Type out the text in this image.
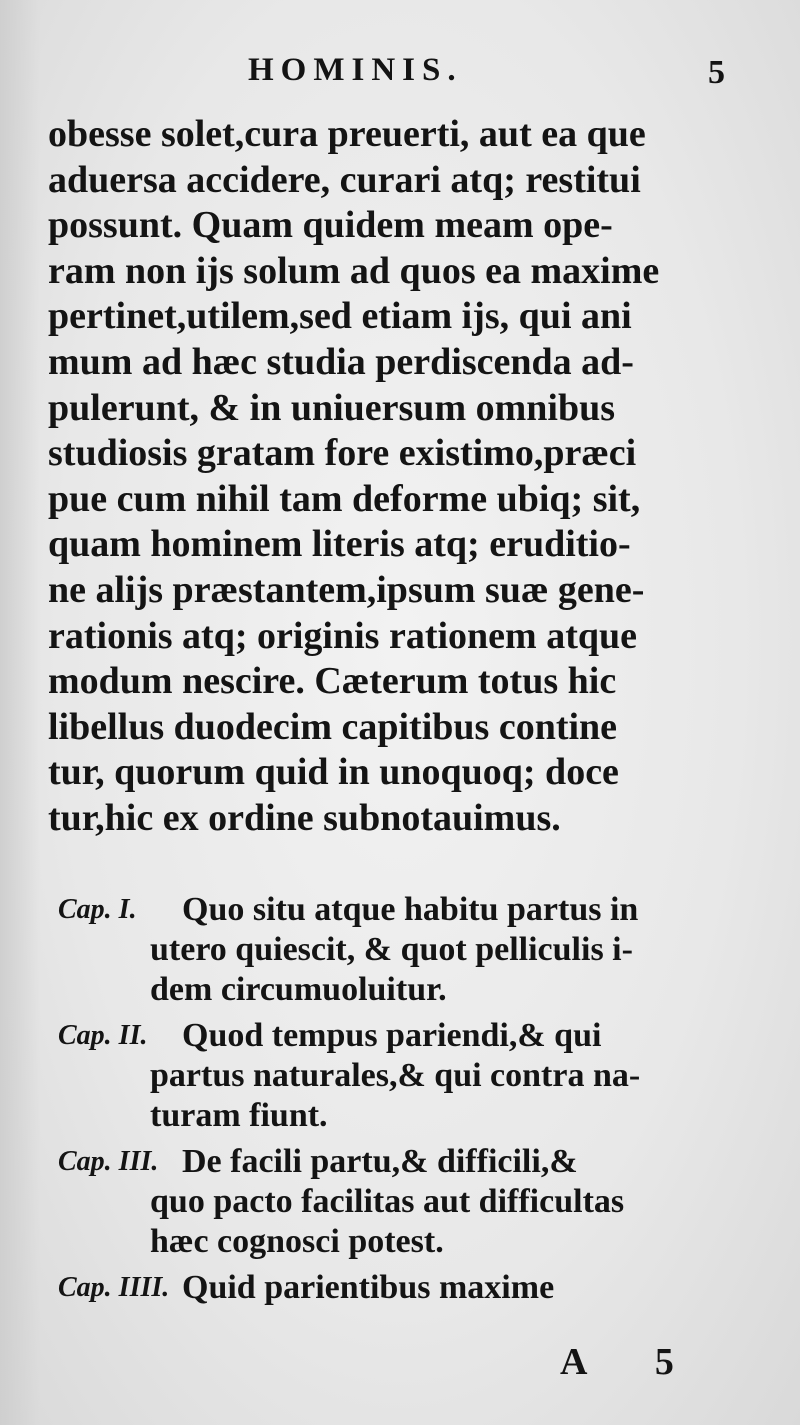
HOMINIS.	5
obesse solet,cura preuerti, aut ea que
aduersa accidere, curari atq; restitui
possunt. Quam quidem meam ope-
ram non ijs solum ad quos ea maxime
pertinet,utilem,sed etiam ijs, qui ani
mum ad hæc studia perdiscenda ad-
pulerunt, & in uniuersum omnibus
studiosis gratam fore existimo,præci
pue cum nihil tam deforme ubiq; sit,
quam hominem literis atq; eruditio-
ne alijs præstantem,ipsum suæ gene-
rationis atq; originis rationem atque
modum nescire. Cæterum totus hic
libellus duodecim capitibus contine
tur, quorum quid in unoquoq; doce
tur,hic ex ordine subnotauimus.
Cap. I.	Quo situ atque habitu partus in
utero quiescit, & quot pelliculis i-
dem circumuoluitur.
Cap. II. Quod tempus pariendi,& qui
partus naturales,& qui contra na-
turam fiunt.
Cap. III. De facili partu,& difficili,&
quo pacto facilitas aut difficultas
hæc cognosci potest.
Cap. IIII. Quid parientibus maxime
A 5
